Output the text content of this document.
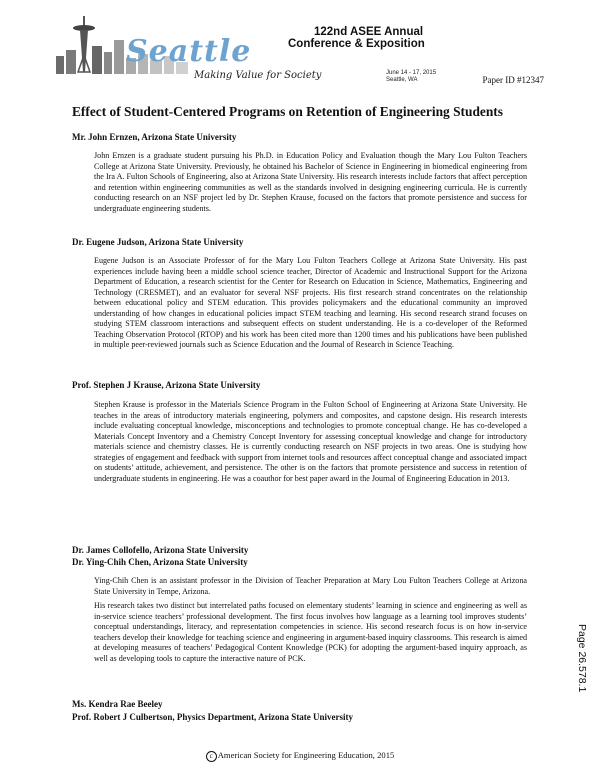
Seattle
Making Value for Society
122nd ASEE Annual
Conference & Exposition
June 14 - 17, 2015
Seattle, WA	Paper ID #12347
Effect of Student-Centered Programs on Retention of Engineering Students
Mr. John Ernzen, Arizona State University

John Ernzen is a graduate student pursuing his Ph.D. in Education Policy and Evaluation though the Mary Lou Fulton Teachers College at Arizona State University. Previously, he obtained his Bachelor of Science in Engineering in biomedical engineering from the Ira A. Fulton Schools of Engineering, also at Arizona State University. His research interests include factors that affect perception and retention within engineering communities as well as the standards involved in designing engineering curricula. He is currently conducting research on an NSF project led by Dr. Stephen Krause, focused on the factors that promote persistence and success for undergraduate engineering students.

Dr. Eugene Judson, Arizona State University

Eugene Judson is an Associate Professor of for the Mary Lou Fulton Teachers College at Arizona State University. His past experiences include having been a middle school science teacher, Director of Academic and Instructional Support for the Arizona Department of Education, a research scientist for the Center for Research on Education in Science, Mathematics, Engineering and Technology (CRESMET), and an evaluator for several NSF projects. His first research strand concentrates on the relationship between educational policy and STEM education. This provides policymakers and the educational community an improved understanding of how changes in educational policies impact STEM teaching and learning. His second research strand focuses on studying STEM classroom interactions and subsequent effects on student understanding. He is a co-developer of the Reformed Teaching Observation Protocol (RTOP) and his work has been cited more than 1200 times and his publications have been published in multiple peer-reviewed journals such as Science Education and the Journal of Research in Science Teaching.

Prof. Stephen J Krause, Arizona State University

Stephen Krause is professor in the Materials Science Program in the Fulton School of Engineering at Arizona State University. He teaches in the areas of introductory materials engineering, polymers and composites, and capstone design. His research interests include evaluating conceptual knowledge, misconceptions and technologies to promote conceptual change. He has co-developed a Materials Concept Inventory and a Chemistry Concept Inventory for assessing conceptual knowledge and change for introductory materials science and chemistry classes. He is currently conducting research on NSF projects in two areas. One is studying how strategies of engagement and feedback with support from internet tools and resources affect conceptual change and associated impact on students’ attitude, achievement, and persistence. The other is on the factors that promote persistence and success in retention of undergraduate students in engineering. He was a coauthor for best paper award in the Journal of Engineering Education in 2013.

Dr. James Collofello, Arizona State University
Dr. Ying-Chih Chen, Arizona State University

Ying-Chih Chen is an assistant professor in the Division of Teacher Preparation at Mary Lou Fulton Teachers College at Arizona State University in Tempe, Arizona.

His research takes two distinct but interrelated paths focused on elementary students’ learning in science and engineering as well as in-service science teachers’ professional development. The first focus involves how language as a learning tool improves students’ conceptual understandings, literacy, and representation competencies in science. His second research focus is on how in-service teachers develop their knowledge for teaching science and engineering in argument-based inquiry classrooms. This research is aimed at developing measures of teachers’ Pedagogical Content Knowledge (PCK) for adopting the argument-based inquiry approach, as well as developing tools to capture the interactive nature of PCK.

Ms. Kendra Rae Beeley
Prof. Robert J Culbertson, Physics Department, Arizona State University
Page 26.578.1
c American Society for Engineering Education, 2015
